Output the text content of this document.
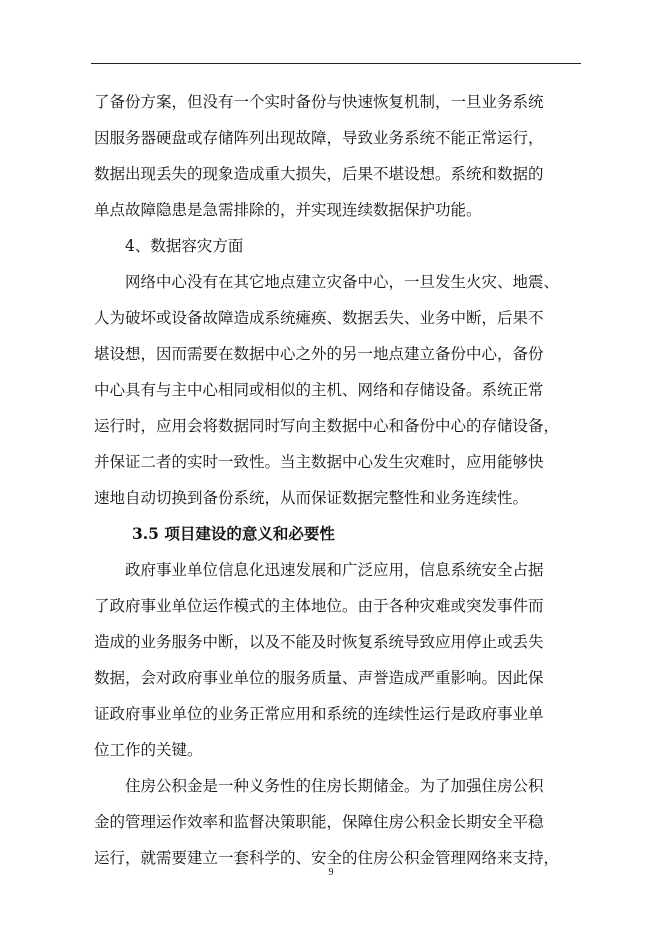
了备份方案，但没有一个实时备份与快速恢复机制，一旦业务系统
因服务器硬盘或存储阵列出现故障，导致业务系统不能正常运行，
数据出现丢失的现象造成重大损失，后果不堪设想。系统和数据的
单点故障隐患是急需排除的，并实现连续数据保护功能。
4、数据容灾方面
网络中心没有在其它地点建立灾备中心，一旦发生火灾、地震、
人为破坏或设备故障造成系统瘫痪、数据丢失、业务中断，后果不
堪设想，因而需要在数据中心之外的另一地点建立备份中心，备份
中心具有与主中心相同或相似的主机、网络和存储设备。系统正常
运行时，应用会将数据同时写向主数据中心和备份中心的存储设备，
并保证二者的实时一致性。当主数据中心发生灾难时，应用能够快
速地自动切换到备份系统，从而保证数据完整性和业务连续性。
3.5 项目建设的意义和必要性
政府事业单位信息化迅速发展和广泛应用，信息系统安全占据
了政府事业单位运作模式的主体地位。由于各种灾难或突发事件而
造成的业务服务中断，以及不能及时恢复系统导致应用停止或丢失
数据，会对政府事业单位的服务质量、声誉造成严重影响。因此保
证政府事业单位的业务正常应用和系统的连续性运行是政府事业单
位工作的关键。
住房公积金是一种义务性的住房长期储金。为了加强住房公积
金的管理运作效率和监督决策职能，保障住房公积金长期安全平稳
运行，就需要建立一套科学的、安全的住房公积金管理网络来支持，
9
